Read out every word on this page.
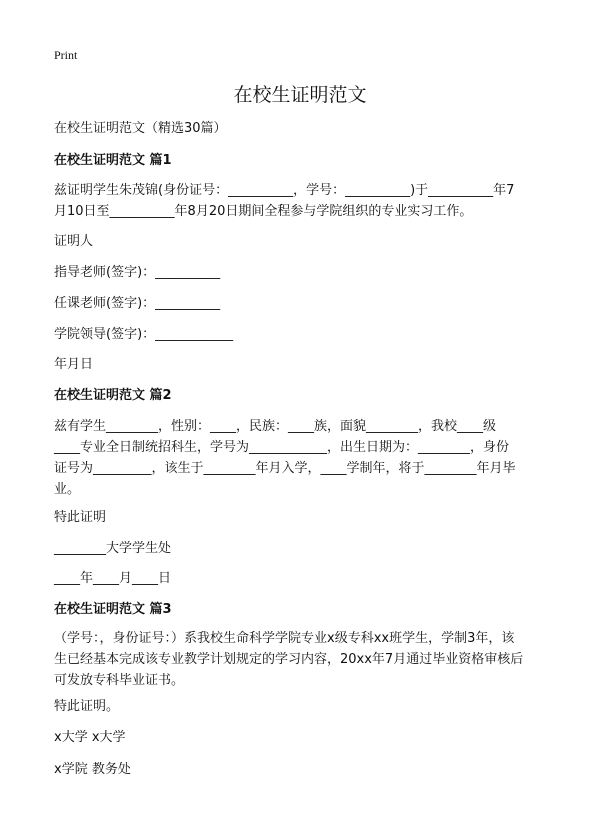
Print
在校生证明范文
在校生证明范文（精选30篇）
在校生证明范文 篇1
兹证明学生朱茂锦(身份证号：__________，学号：__________)于__________年7
月10日至__________年8月20日期间全程参与学院组织的专业实习工作。
证明人
指导老师(签字)：__________
任课老师(签字)：__________
学院领导(签字)：____________
年月日
在校生证明范文 篇2
兹有学生________，性别：____，民族：____族，面貌________，我校____级
____专业全日制统招科生，学号为____________，出生日期为：________，身份
证号为_________，该生于________年月入学，____学制年，将于________年月毕
业。
特此证明
________大学学生处
____年____月____日
在校生证明范文 篇3
（学号：，身份证号：）系我校生命科学学院专业x级专科xx班学生，学制3年，该
生已经基本完成该专业教学计划规定的学习内容，20xx年7月通过毕业资格审核后
可发放专科毕业证书。
特此证明。
x大学 x大学
x学院 教务处
